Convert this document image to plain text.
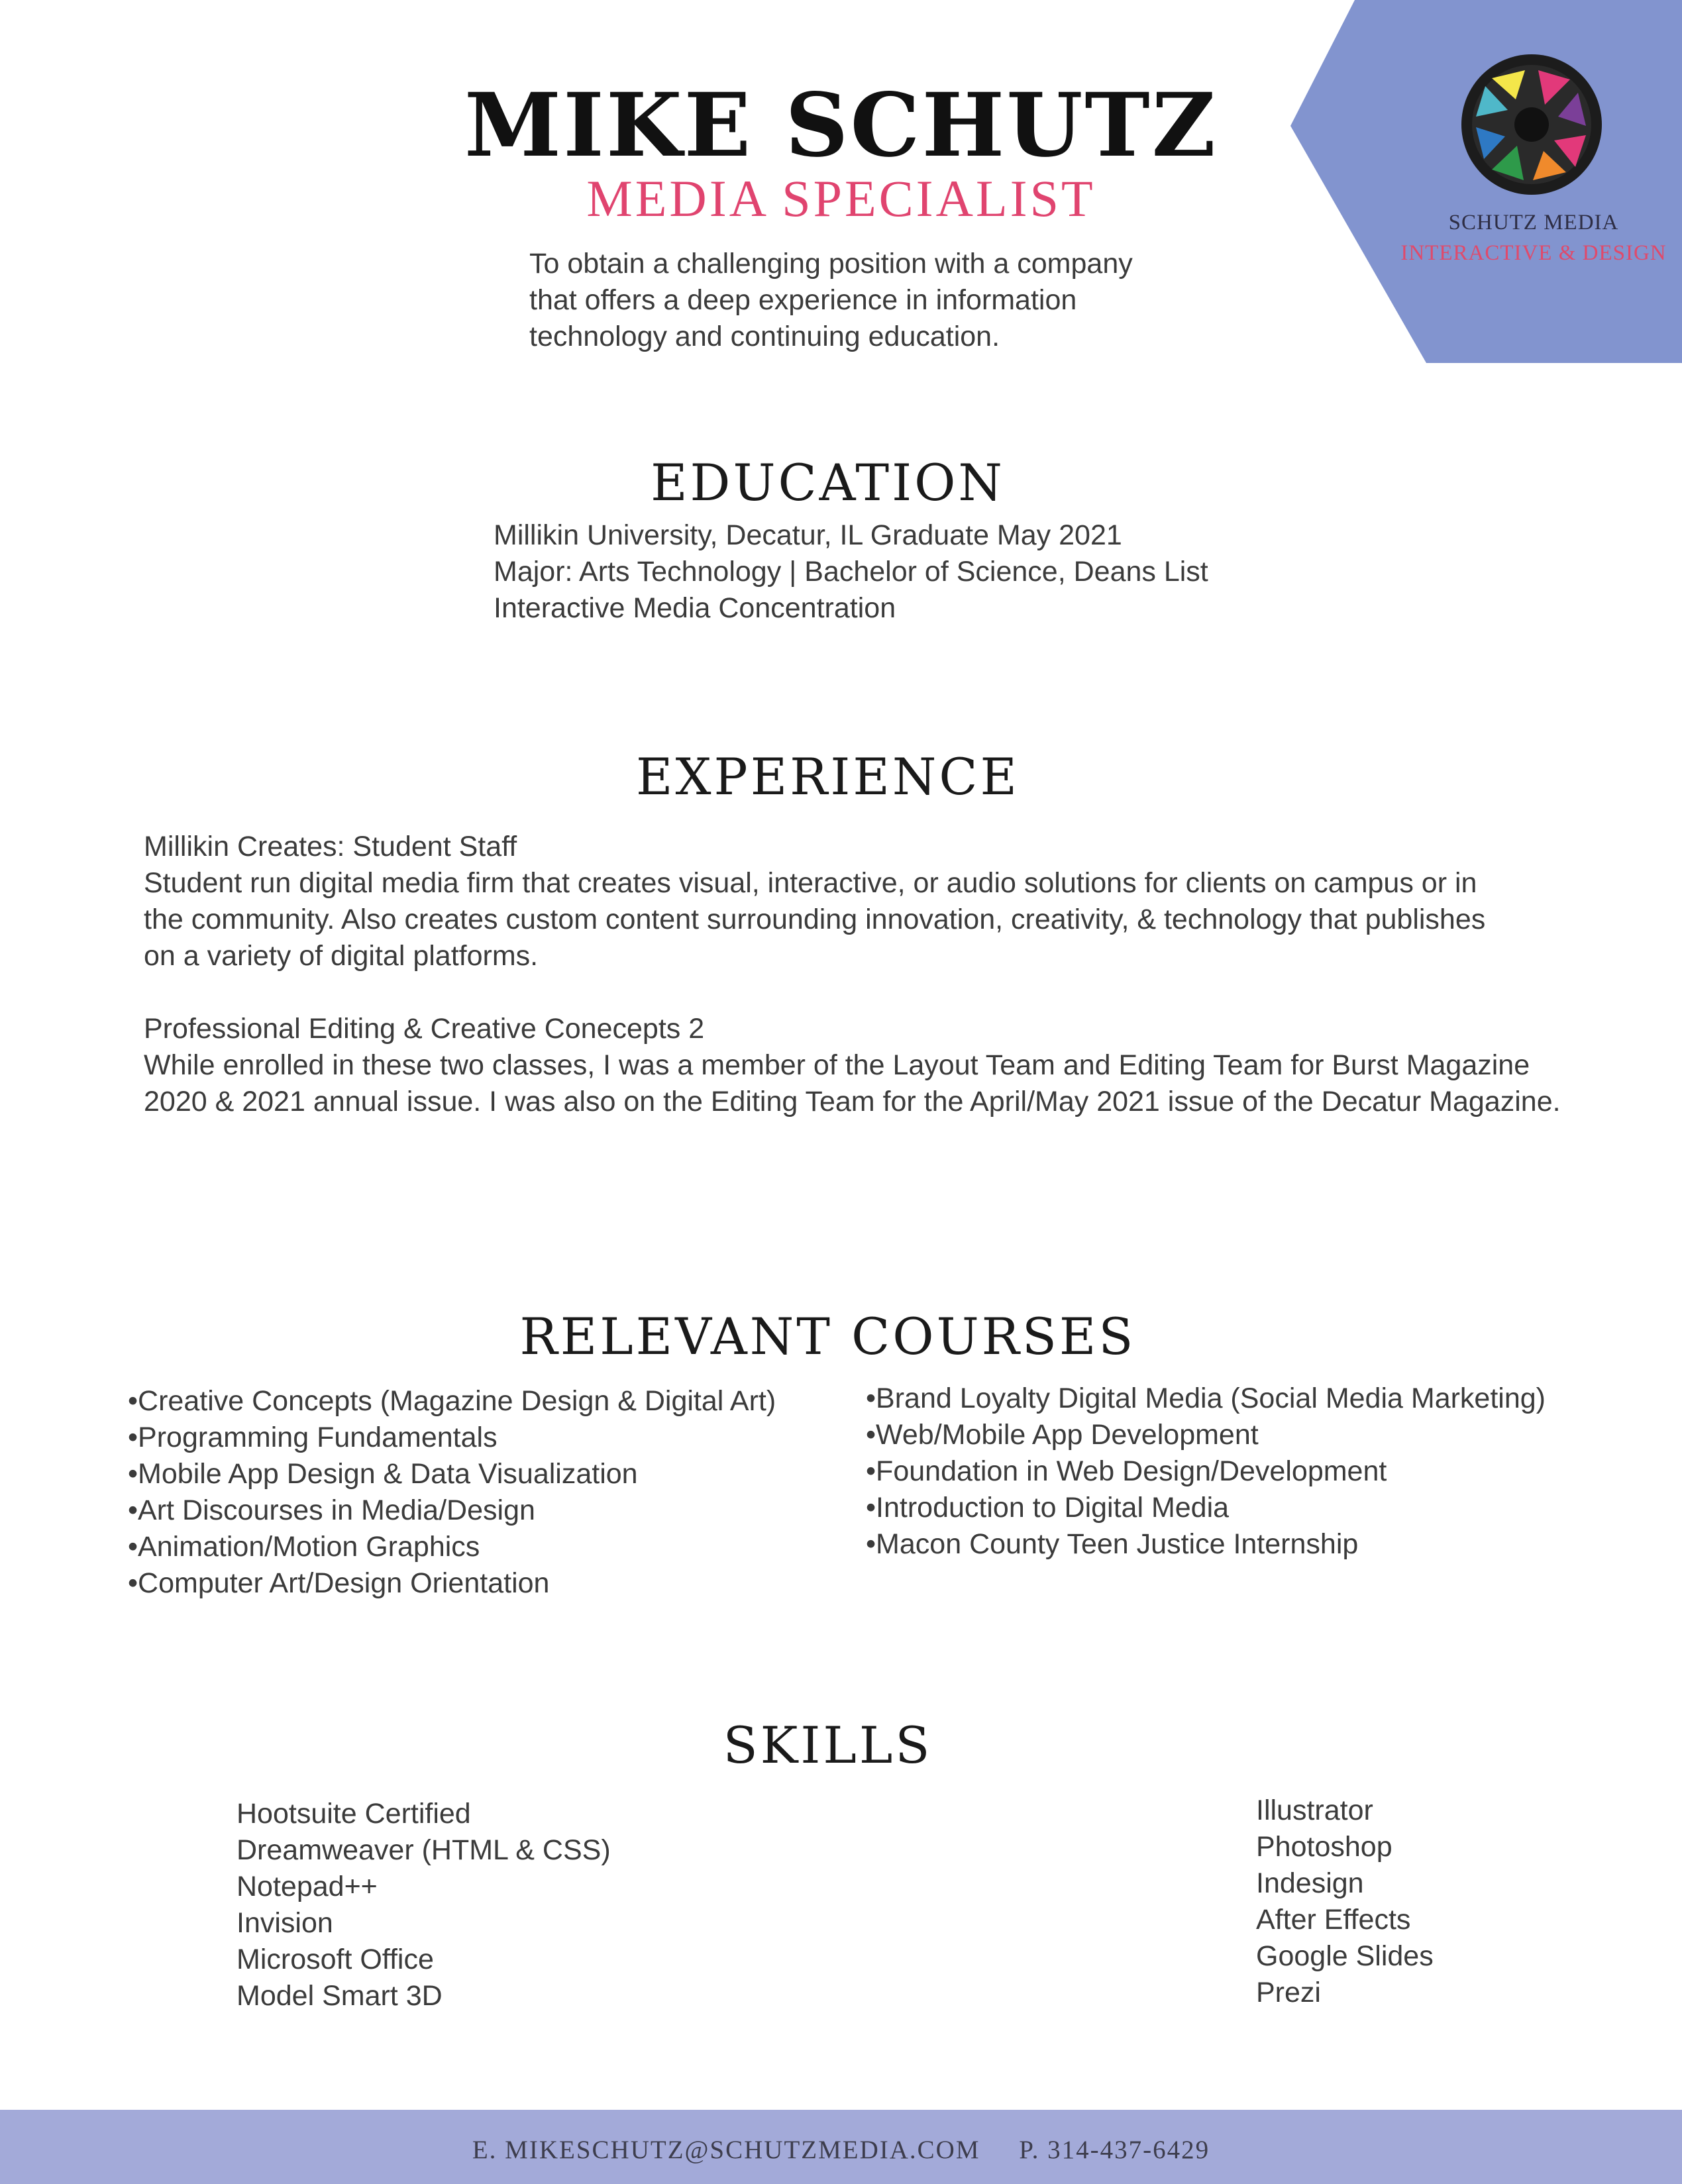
MIKE SCHUTZ
MEDIA SPECIALIST
To obtain a challenging position with a company
that offers a deep experience in information
technology and continuing education.
SCHUTZ MEDIA
INTERACTIVE & DESIGN
EDUCATION
Millikin University, Decatur, IL Graduate May 2021
Major: Arts Technology | Bachelor of Science, Deans List
Interactive Media Concentration
EXPERIENCE
Millikin Creates: Student Staff
Student run digital media firm that creates visual, interactive, or audio solutions for clients on campus or in
the community. Also creates custom content surrounding innovation, creativity, & technology that publishes
on a variety of digital platforms.
Professional Editing & Creative Conecepts 2
While enrolled in these two classes, I was a member of the Layout Team and Editing Team for Burst Magazine
2020 & 2021 annual issue. I was also on the Editing Team for the April/May 2021 issue of the Decatur Magazine.
RELEVANT COURSES
•Creative Concepts (Magazine Design & Digital Art)
•Programming Fundamentals
•Mobile App Design & Data Visualization
•Art Discourses in Media/Design
•Animation/Motion Graphics
•Computer Art/Design Orientation
•Brand Loyalty Digital Media (Social Media Marketing)
•Web/Mobile App Development
•Foundation in Web Design/Development
•Introduction to Digital Media
•Macon County Teen Justice Internship
SKILLS
Hootsuite Certified
Dreamweaver (HTML & CSS)
Notepad++
Invision
Microsoft Office
Model Smart 3D
Illustrator
Photoshop
Indesign
After Effects
Google Slides
Prezi
E. MIKESCHUTZ@SCHUTZMEDIA.COM P. 314-437-6429
